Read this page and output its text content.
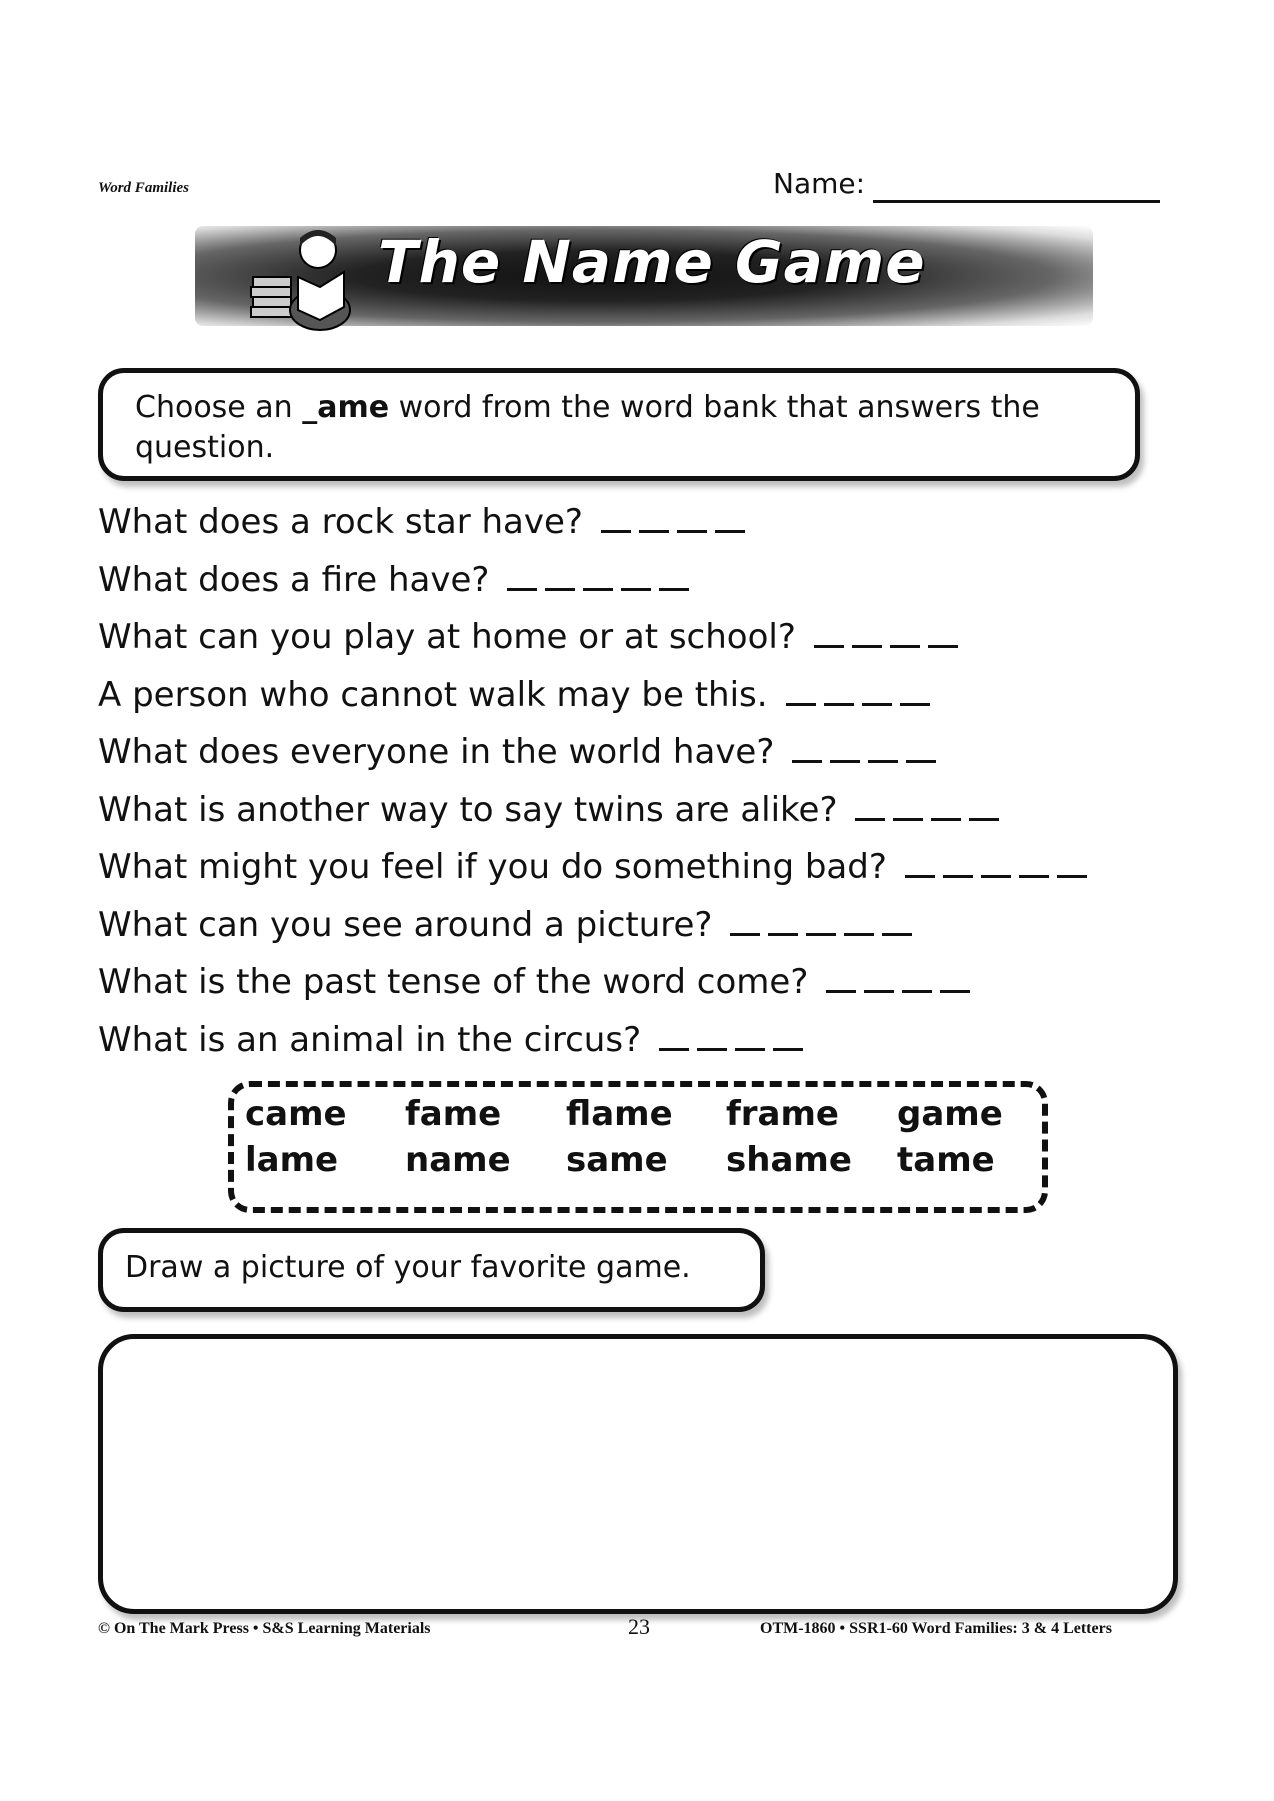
Word Families	Name:
The Name Game
Choose an _ame word from the word bank that answers the question.
What does a rock star have?
What does a fire have?
What can you play at home or at school?
A person who cannot walk may be this.
What does everyone in the world have?
What is another way to say twins are alike?
What might you feel if you do something bad?
What can you see around a picture?
What is the past tense of the word come?
What is an animal in the circus?
came fame flame frame game
lame name same shame tame
Draw a picture of your favorite game.
© On The Mark Press • S&S Learning Materials	23	OTM-1860 • SSR1-60 Word Families: 3 & 4 Letters
